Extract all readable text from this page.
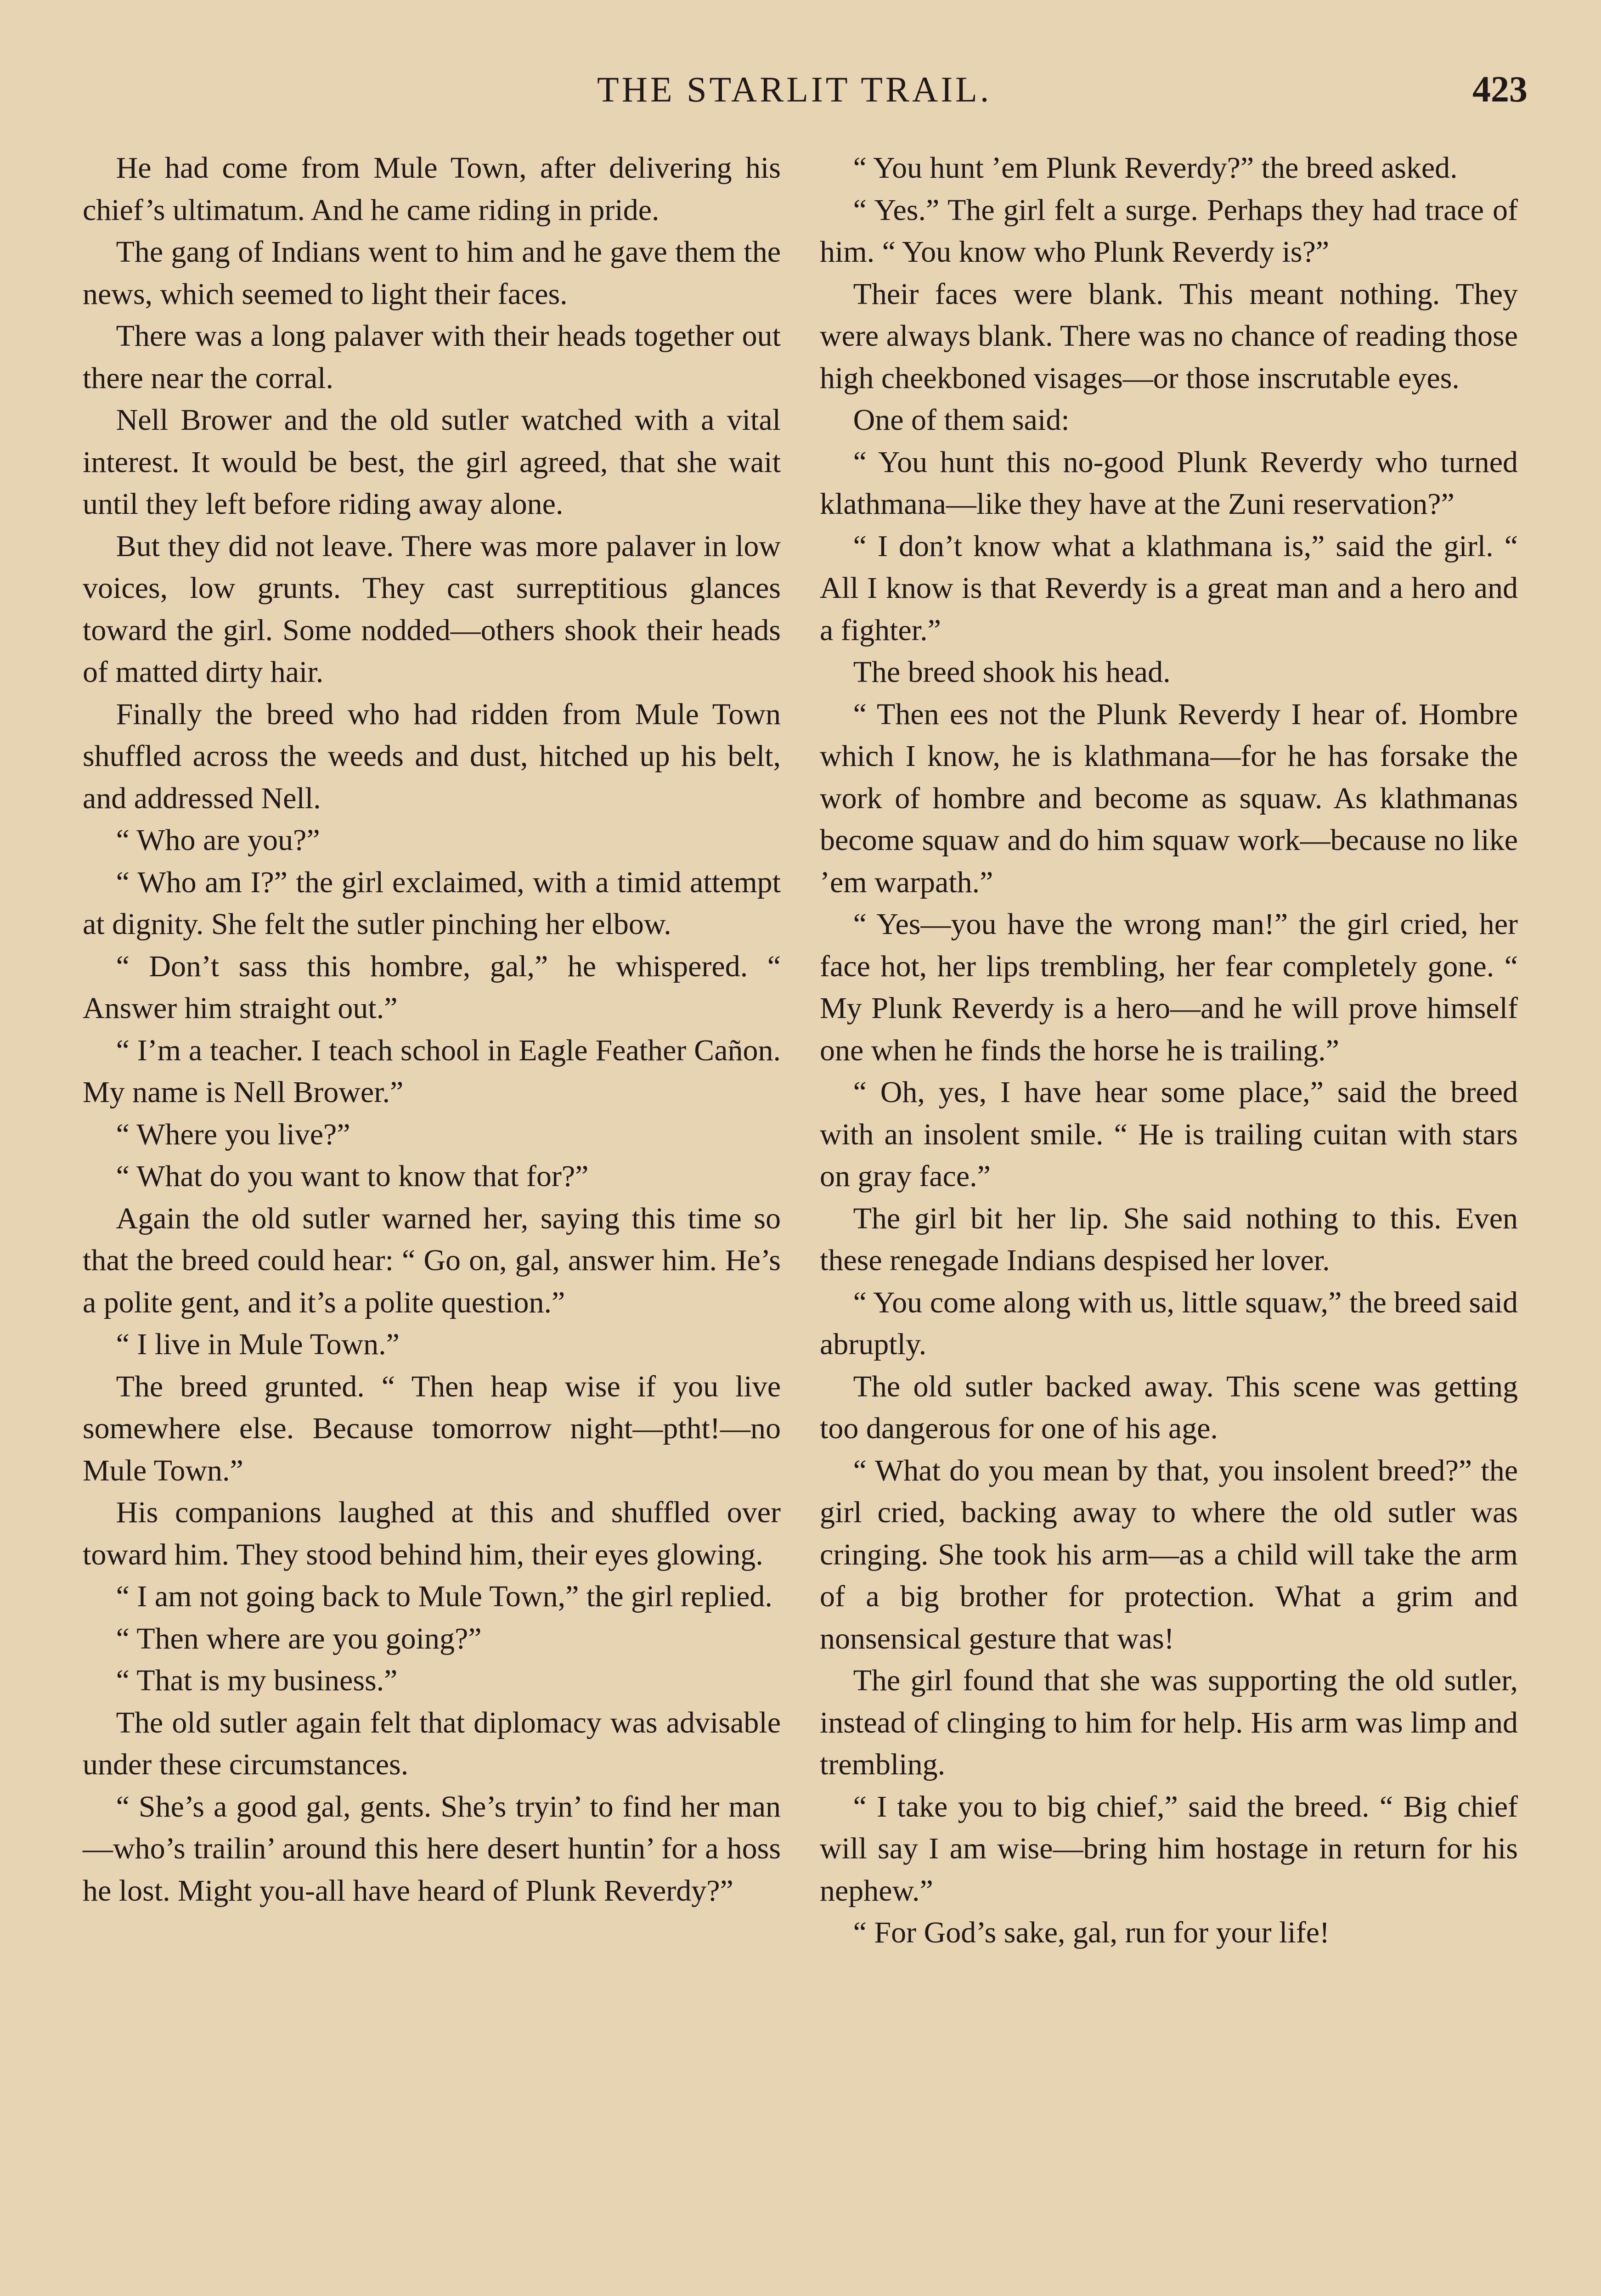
THE STARLIT TRAIL.	423

He had come from Mule Town, after delivering his chief’s ultimatum. And he came riding in pride.

The gang of Indians went to him and he gave them the news, which seemed to light their faces.

There was a long palaver with their heads together out there near the corral.

Nell Brower and the old sutler watched with a vital interest. It would be best, the girl agreed, that she wait until they left before riding away alone.

But they did not leave. There was more palaver in low voices, low grunts. They cast surreptitious glances toward the girl. Some nodded—others shook their heads of matted dirty hair.

Finally the breed who had ridden from Mule Town shuffled across the weeds and dust, hitched up his belt, and addressed Nell.

“ Who are you?”

“ Who am I?” the girl exclaimed, with a timid attempt at dignity. She felt the sutler pinching her elbow.

“ Don’t sass this hombre, gal,” he whispered. “ Answer him straight out.”

“ I’m a teacher. I teach school in Eagle Feather Cañon. My name is Nell Brower.”

“ Where you live?”

“ What do you want to know that for?”

Again the old sutler warned her, saying this time so that the breed could hear: “ Go on, gal, answer him. He’s a polite gent, and it’s a polite question.”

“ I live in Mule Town.”

The breed grunted. “ Then heap wise if you live somewhere else. Because tomorrow night—ptht!—no Mule Town.”

His companions laughed at this and shuffled over toward him. They stood behind him, their eyes glowing.

“ I am not going back to Mule Town,” the girl replied.

“ Then where are you going?”

“ That is my business.”

The old sutler again felt that diplomacy was advisable under these circumstances.

“ She’s a good gal, gents. She’s tryin’ to find her man—who’s trailin’ around this here desert huntin’ for a hoss he lost. Might you-all have heard of Plunk Reverdy?”

“ You hunt ’em Plunk Reverdy?” the breed asked.

“ Yes.” The girl felt a surge. Perhaps they had trace of him. “ You know who Plunk Reverdy is?”

Their faces were blank. This meant nothing. They were always blank. There was no chance of reading those high cheekboned visages—or those inscrutable eyes.

One of them said:

“ You hunt this no-good Plunk Reverdy who turned klathmana—like they have at the Zuni reservation?”

“ I don’t know what a klathmana is,” said the girl. “ All I know is that Reverdy is a great man and a hero and a fighter.”

The breed shook his head.

“ Then ees not the Plunk Reverdy I hear of. Hombre which I know, he is klathmana—for he has forsake the work of hombre and become as squaw. As klathmanas become squaw and do him squaw work—because no like ’em warpath.”

“ Yes—you have the wrong man!” the girl cried, her face hot, her lips trembling, her fear completely gone. “ My Plunk Reverdy is a hero—and he will prove himself one when he finds the horse he is trailing.”

“ Oh, yes, I have hear some place,” said the breed with an insolent smile. “ He is trailing cuitan with stars on gray face.”

The girl bit her lip. She said nothing to this. Even these renegade Indians despised her lover.

“ You come along with us, little squaw,” the breed said abruptly.

The old sutler backed away. This scene was getting too dangerous for one of his age.

“ What do you mean by that, you insolent breed?” the girl cried, backing away to where the old sutler was cringing. She took his arm—as a child will take the arm of a big brother for protection. What a grim and nonsensical gesture that was!

The girl found that she was supporting the old sutler, instead of clinging to him for help. His arm was limp and trembling.

“ I take you to big chief,” said the breed. “ Big chief will say I am wise—bring him hostage in return for his nephew.”

“ For God’s sake, gal, run for your life!
